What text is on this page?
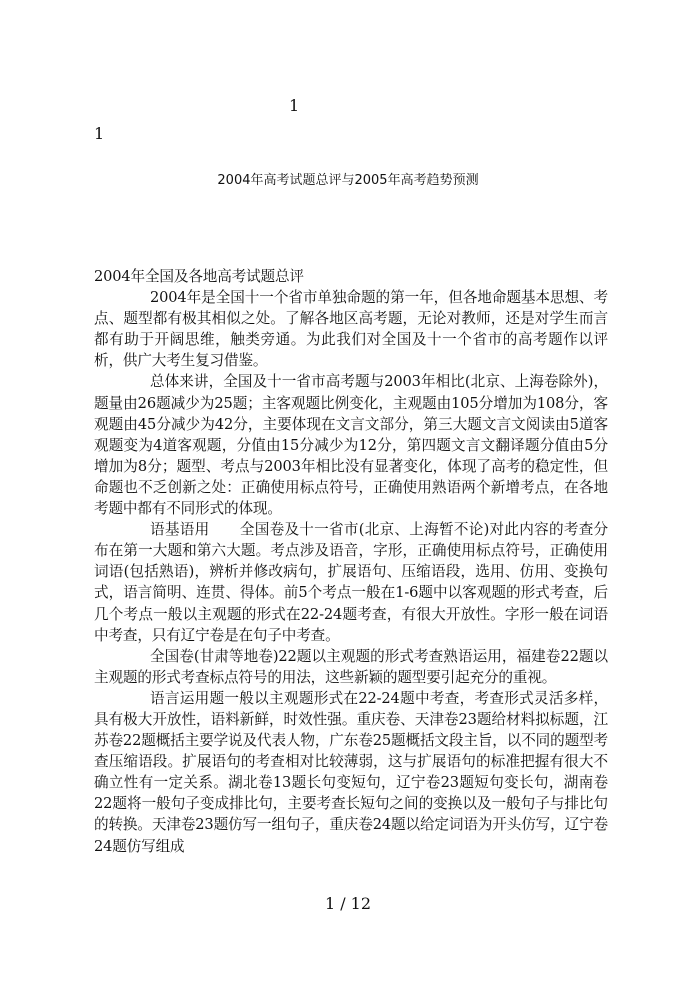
1
1
2004年高考试题总评与2005年高考趋势预测

2004年全国及各地高考试题总评

2004年是全国十一个省市单独命题的第一年，但各地命题基本思想、考点、题型都有极其相似之处。了解各地区高考题，无论对教师，还是对学生而言都有助于开阔思维，触类旁通。为此我们对全国及十一个省市的高考题作以评析，供广大考生复习借鉴。

总体来讲，全国及十一省市高考题与2003年相比(北京、上海卷除外)，题量由26题减少为25题；主客观题比例变化，主观题由105分增加为108分，客观题由45分减少为42分，主要体现在文言文部分，第三大题文言文阅读由5道客观题变为4道客观题，分值由15分减少为12分，第四题文言文翻译题分值由5分增加为8分；题型、考点与2003年相比没有显著变化，体现了高考的稳定性，但命题也不乏创新之处：正确使用标点符号，正确使用熟语两个新增考点，在各地考题中都有不同形式的体现。

语基语用 全国卷及十一省市(北京、上海暂不论)对此内容的考查分布在第一大题和第六大题。考点涉及语音，字形，正确使用标点符号，正确使用词语(包括熟语)，辨析并修改病句，扩展语句、压缩语段，选用、仿用、变换句式，语言简明、连贯、得体。前5个考点一般在1-6题中以客观题的形式考查，后几个考点一般以主观题的形式在22-24题考查，有很大开放性。字形一般在词语中考查，只有辽宁卷是在句子中考查。

全国卷(甘肃等地卷)22题以主观题的形式考查熟语运用，福建卷22题以主观题的形式考查标点符号的用法，这些新颖的题型要引起充分的重视。

语言运用题一般以主观题形式在22-24题中考查，考查形式灵活多样，具有极大开放性，语料新鲜，时效性强。重庆卷、天津卷23题给材料拟标题，江苏卷22题概括主要学说及代表人物，广东卷25题概括文段主旨，以不同的题型考查压缩语段。扩展语句的考查相对比较薄弱，这与扩展语句的标准把握有很大不确立性有一定关系。湖北卷13题长句变短句，辽宁卷23题短句变长句，湖南卷22题将一般句子变成排比句，主要考查长短句之间的变换以及一般句子与排比句的转换。天津卷23题仿写一组句子，重庆卷24题以给定词语为开头仿写，辽宁卷24题仿写组成

1 / 12
